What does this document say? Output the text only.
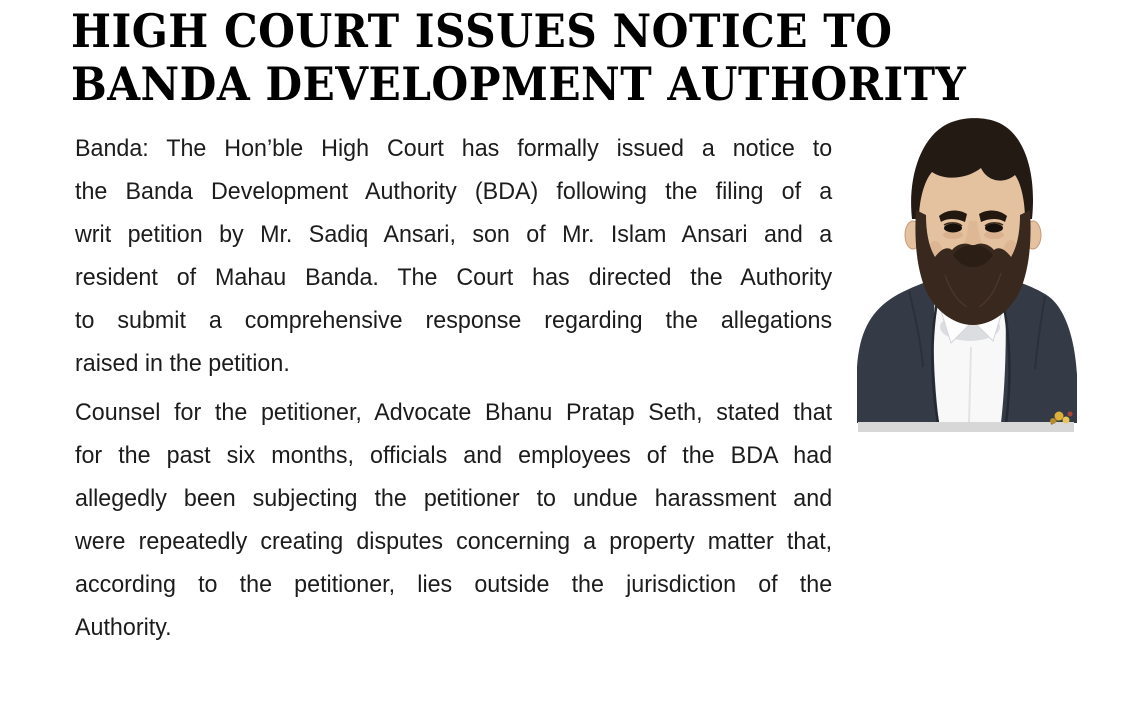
HIGH COURT ISSUES NOTICE TO
BANDA DEVELOPMENT AUTHORITY
Banda: The Hon’ble High Court has formally issued a notice to
the Banda Development Authority (BDA) following the filing of a
writ petition by Mr. Sadiq Ansari, son of Mr. Islam Ansari and a
resident of Mahau Banda. The Court has directed the Authority
to submit a comprehensive response regarding the allegations
raised in the petition.
Counsel for the petitioner, Advocate Bhanu Pratap Seth, stated that
for the past six months, officials and employees of the BDA had
allegedly been subjecting the petitioner to undue harassment and
were repeatedly creating disputes concerning a property matter that,
according to the petitioner, lies outside the jurisdiction of the
Authority.
